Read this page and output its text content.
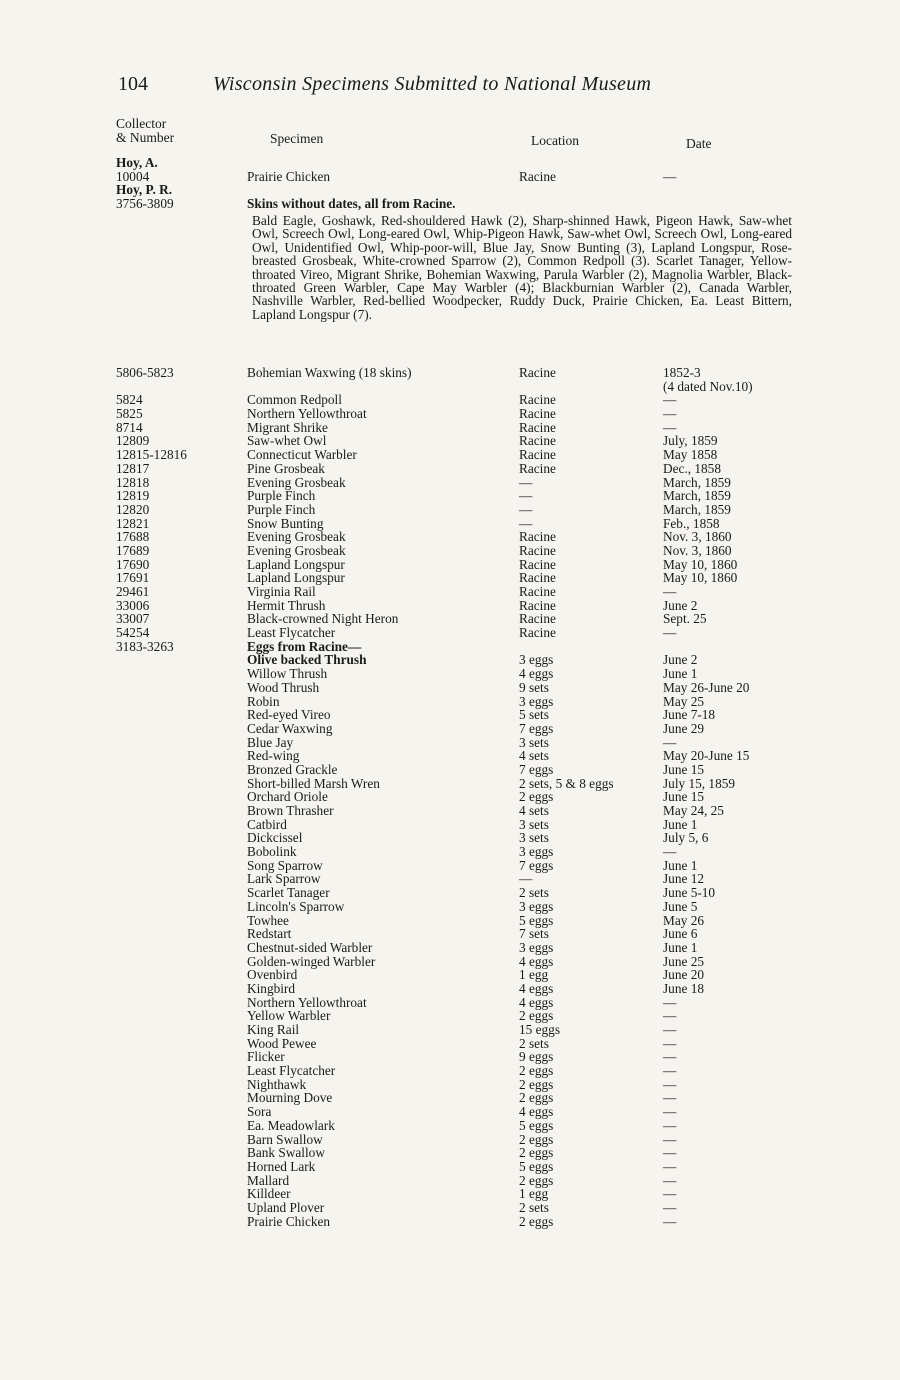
104	Wisconsin Specimens Submitted to National Museum
Collector
& Number	Specimen	Location	Date
Hoy, A.
10004	Prairie Chicken	Racine	—
Hoy, P. R.
3756-3809	Skins without dates, all from Racine.

Bald Eagle, Goshawk, Red-shouldered Hawk (2), Sharp-shinned Hawk, Pigeon Hawk, Saw-whet Owl, Screech Owl, Long-eared Owl, Whip-Pigeon Hawk, Saw-whet Owl, Screech Owl, Long-eared Owl, Unidentified Owl, Whip-poor-will, Blue Jay, Snow Bunting (3), Lapland Longspur, Rose-breasted Grosbeak, White-crowned Sparrow (2), Common Redpoll (3). Scarlet Tanager, Yellow-throated Vireo, Migrant Shrike, Bohemian Waxwing, Parula Warbler (2), Magnolia Warbler, Black-throated Green Warbler, Cape May Warbler (4); Blackburnian Warbler (2), Canada Warbler, Nashville Warbler, Red-bellied Woodpecker, Ruddy Duck, Prairie Chicken, Ea. Least Bittern, Lapland Longspur (7).

5806-5823	Bohemian Waxwing (18 skins)	Racine	1852-3
(4 dated Nov.10)
5824	Common Redpoll	Racine	—
5825	Northern Yellowthroat	Racine	—
8714	Migrant Shrike	Racine	—
12809	Saw-whet Owl	Racine	July, 1859
12815-12816	Connecticut Warbler	Racine	May 1858
12817	Pine Grosbeak	Racine	Dec., 1858
12818	Evening Grosbeak	—	March, 1859
12819	Purple Finch	—	March, 1859
12820	Purple Finch	—	March, 1859
12821	Snow Bunting	—	Feb., 1858
17688	Evening Grosbeak	Racine	Nov. 3, 1860
17689	Evening Grosbeak	Racine	Nov. 3, 1860
17690	Lapland Longspur	Racine	May 10, 1860
17691	Lapland Longspur	Racine	May 10, 1860
29461	Virginia Rail	Racine	—
33006	Hermit Thrush	Racine	June 2
33007	Black-crowned Night Heron	Racine	Sept. 25
54254	Least Flycatcher	Racine	—
3183-3263	Eggs from Racine—
Olive backed Thrush	3 eggs	June 2
Willow Thrush	4 eggs	June 1
Wood Thrush	9 sets	May 26-June 20
Robin	3 eggs	May 25
Red-eyed Vireo	5 sets	June 7-18
Cedar Waxwing	7 eggs	June 29
Blue Jay	3 sets	—
Red-wing	4 sets	May 20-June 15
Bronzed Grackle	7 eggs	June 15
Short-billed Marsh Wren	2 sets, 5 & 8 eggs	July 15, 1859
Orchard Oriole	2 eggs	June 15
Brown Thrasher	4 sets	May 24, 25
Catbird	3 sets	June 1
Dickcissel	3 sets	July 5, 6
Bobolink	3 eggs	—
Song Sparrow	7 eggs	June 1
Lark Sparrow	—	June 12
Scarlet Tanager	2 sets	June 5-10
Lincoln's Sparrow	3 eggs	June 5
Towhee	5 eggs	May 26
Redstart	7 sets	June 6
Chestnut-sided Warbler	3 eggs	June 1
Golden-winged Warbler	4 eggs	June 25
Ovenbird	1 egg	June 20
Kingbird	4 eggs	June 18
Northern Yellowthroat	4 eggs	—
Yellow Warbler	2 eggs	—
King Rail	15 eggs	—
Wood Pewee	2 sets	—
Flicker	9 eggs	—
Least Flycatcher	2 eggs	—
Nighthawk	2 eggs	—
Mourning Dove	2 eggs	—
Sora	4 eggs	—
Ea. Meadowlark	5 eggs	—
Barn Swallow	2 eggs	—
Bank Swallow	2 eggs	—
Horned Lark	5 eggs	—
Mallard	2 eggs	—
Killdeer	1 egg	—
Upland Plover	2 sets	—
Prairie Chicken	2 eggs	—
